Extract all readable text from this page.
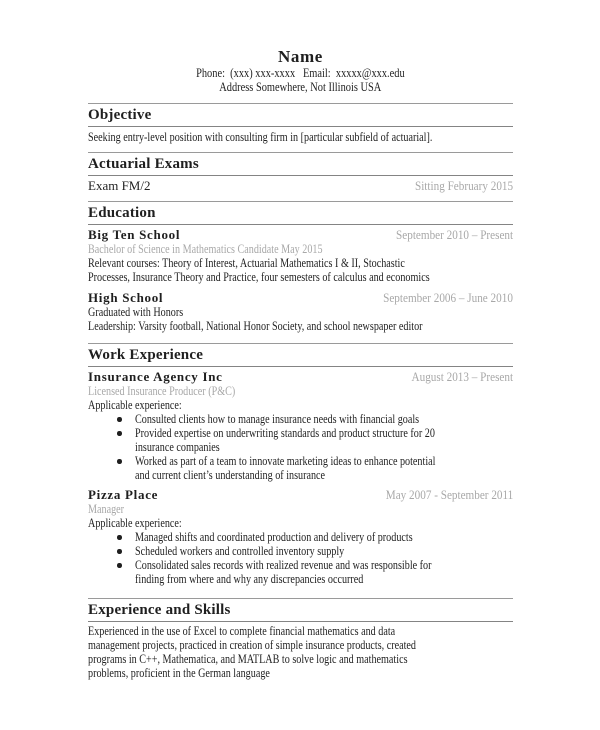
Name
Phone:  (xxx) xxx-xxxx   Email:  xxxxx@xxx.edu
Address Somewhere, Not Illinois USA
Objective
Seeking entry-level position with consulting firm in [particular subfield of actuarial].
Actuarial Exams
Exam FM/2	Sitting February 2015
Education
Big Ten School	September 2010 – Present
Bachelor of Science in Mathematics Candidate May 2015
Relevant courses: Theory of Interest, Actuarial Mathematics I & II, Stochastic
Processes, Insurance Theory and Practice, four semesters of calculus and economics
High School	September 2006 – June 2010
Graduated with Honors
Leadership: Varsity football, National Honor Society, and school newspaper editor
Work Experience
Insurance Agency Inc	August 2013 – Present
Licensed Insurance Producer (P&C)
Applicable experience:
Consulted clients how to manage insurance needs with financial goals
Provided expertise on underwriting standards and product structure for 20
insurance companies
Worked as part of a team to innovate marketing ideas to enhance potential
and current client’s understanding of insurance
Pizza Place	May 2007 - September 2011
Manager
Applicable experience:
Managed shifts and coordinated production and delivery of products
Scheduled workers and controlled inventory supply
Consolidated sales records with realized revenue and was responsible for
finding from where and why any discrepancies occurred
Experience and Skills
Experienced in the use of Excel to complete financial mathematics and data
management projects, practiced in creation of simple insurance products, created
programs in C++, Mathematica, and MATLAB to solve logic and mathematics
problems, proficient in the German language
